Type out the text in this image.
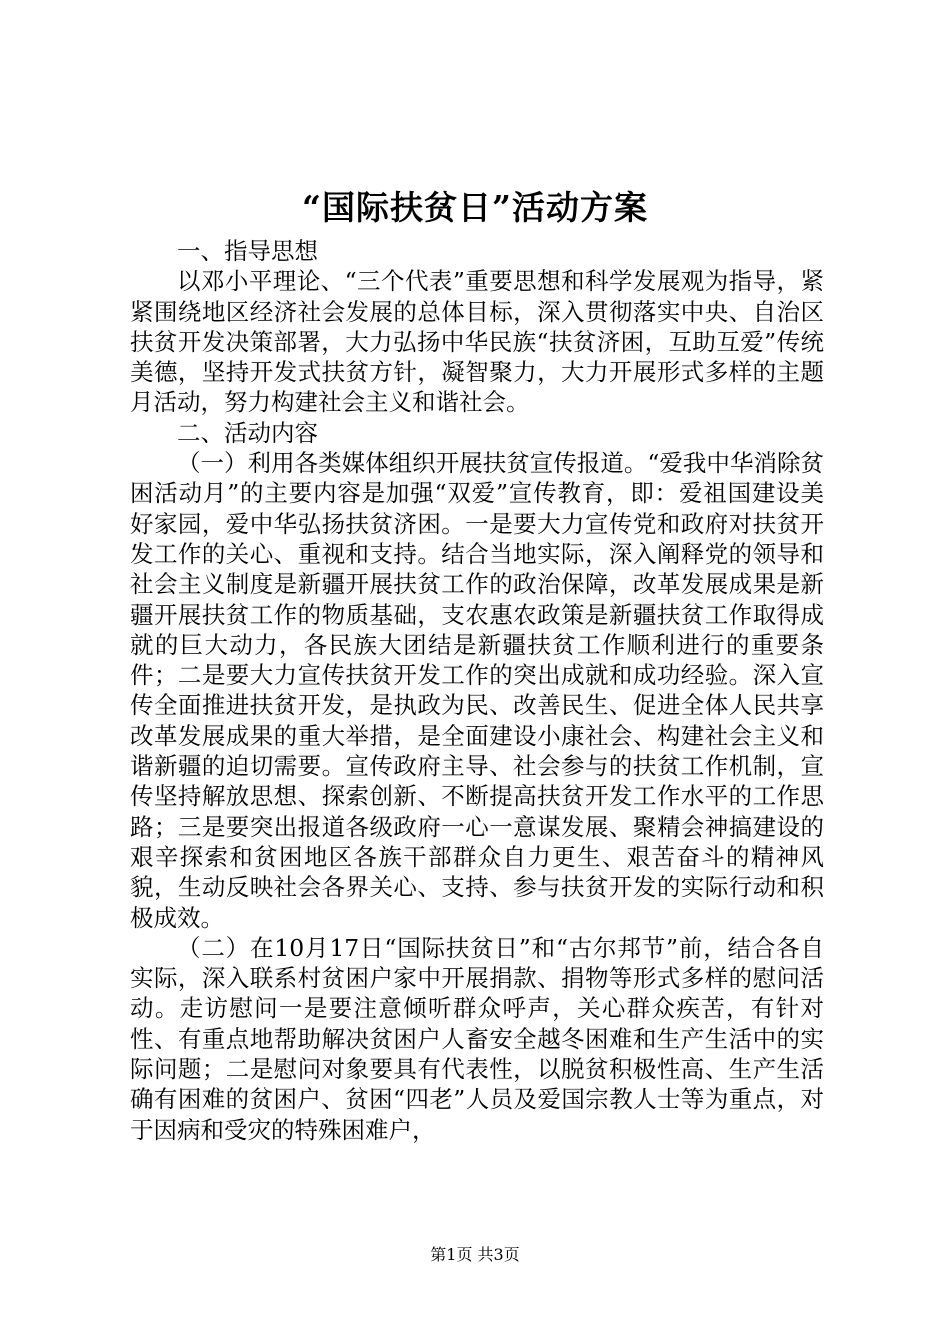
“国际扶贫日”活动方案

一、指导思想

以邓小平理论、“三个代表”重要思想和科学发展观为指导，紧紧围绕地区经济社会发展的总体目标，深入贯彻落实中央、自治区扶贫开发决策部署，大力弘扬中华民族“扶贫济困，互助互爱”传统美德，坚持开发式扶贫方针，凝智聚力，大力开展形式多样的主题月活动，努力构建社会主义和谐社会。

二、活动内容

（一）利用各类媒体组织开展扶贫宣传报道。“爱我中华消除贫困活动月”的主要内容是加强“双爱”宣传教育，即：爱祖国建设美好家园，爱中华弘扬扶贫济困。一是要大力宣传党和政府对扶贫开发工作的关心、重视和支持。结合当地实际，深入阐释党的领导和社会主义制度是新疆开展扶贫工作的政治保障，改革发展成果是新疆开展扶贫工作的物质基础，支农惠农政策是新疆扶贫工作取得成就的巨大动力，各民族大团结是新疆扶贫工作顺利进行的重要条件；二是要大力宣传扶贫开发工作的突出成就和成功经验。深入宣传全面推进扶贫开发，是执政为民、改善民生、促进全体人民共享改革发展成果的重大举措，是全面建设小康社会、构建社会主义和谐新疆的迫切需要。宣传政府主导、社会参与的扶贫工作机制，宣传坚持解放思想、探索创新、不断提高扶贫开发工作水平的工作思路；三是要突出报道各级政府一心一意谋发展、聚精会神搞建设的艰辛探索和贫困地区各族干部群众自力更生、艰苦奋斗的精神风貌，生动反映社会各界关心、支持、参与扶贫开发的实际行动和积极成效。

（二）在10月17日“国际扶贫日”和“古尔邦节”前，结合各自实际，深入联系村贫困户家中开展捐款、捐物等形式多样的慰问活动。走访慰问一是要注意倾听群众呼声，关心群众疾苦，有针对性、有重点地帮助解决贫困户人畜安全越冬困难和生产生活中的实际问题；二是慰问对象要具有代表性，以脱贫积极性高、生产生活确有困难的贫困户、贫困“四老”人员及爱国宗教人士等为重点，对于因病和受灾的特殊困难户，

第1页 共3页
